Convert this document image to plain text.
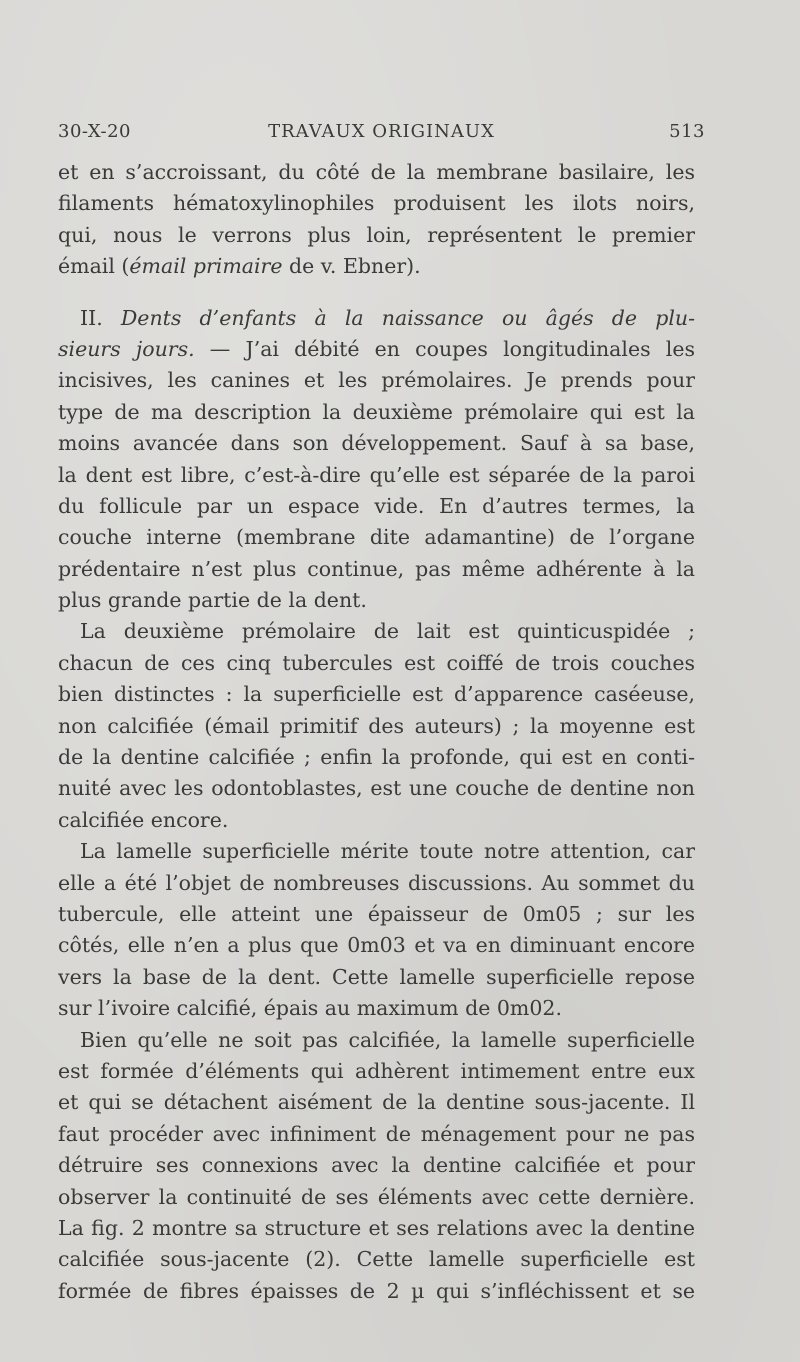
30-X-20	TRAVAUX ORIGINAUX	513
et en s’accroissant, du côté de la membrane basilaire, les
filaments hématoxylinophiles produisent les ilots noirs,
qui, nous le verrons plus loin, représentent le premier
émail (émail primaire de v. Ebner).
II. Dents d’enfants à la naissance ou âgés de plu-
sieurs jours. — J’ai débité en coupes longitudinales les
incisives, les canines et les prémolaires. Je prends pour
type de ma description la deuxième prémolaire qui est la
moins avancée dans son développement. Sauf à sa base,
la dent est libre, c’est-à-dire qu’elle est séparée de la paroi
du follicule par un espace vide. En d’autres termes, la
couche interne (membrane dite adamantine) de l’organe
prédentaire n’est plus continue, pas même adhérente à la
plus grande partie de la dent.
La deuxième prémolaire de lait est quinticuspidée ;
chacun de ces cinq tubercules est coiffé de trois couches
bien distinctes : la superficielle est d’apparence caséeuse,
non calcifiée (émail primitif des auteurs) ; la moyenne est
de la dentine calcifiée ; enfin la profonde, qui est en conti-
nuité avec les odontoblastes, est une couche de dentine non
calcifiée encore.
La lamelle superficielle mérite toute notre attention, car
elle a été l’objet de nombreuses discussions. Au sommet du
tubercule, elle atteint une épaisseur de 0m05 ; sur les
côtés, elle n’en a plus que 0m03 et va en diminuant encore
vers la base de la dent. Cette lamelle superficielle repose
sur l’ivoire calcifié, épais au maximum de 0m02.
Bien qu’elle ne soit pas calcifiée, la lamelle superficielle
est formée d’éléments qui adhèrent intimement entre eux
et qui se détachent aisément de la dentine sous-jacente. Il
faut procéder avec infiniment de ménagement pour ne pas
détruire ses connexions avec la dentine calcifiée et pour
observer la continuité de ses éléments avec cette dernière.
La fig. 2 montre sa structure et ses relations avec la dentine
calcifiée sous-jacente (2). Cette lamelle superficielle est
formée de fibres épaisses de 2 µ qui s’infléchissent et se
